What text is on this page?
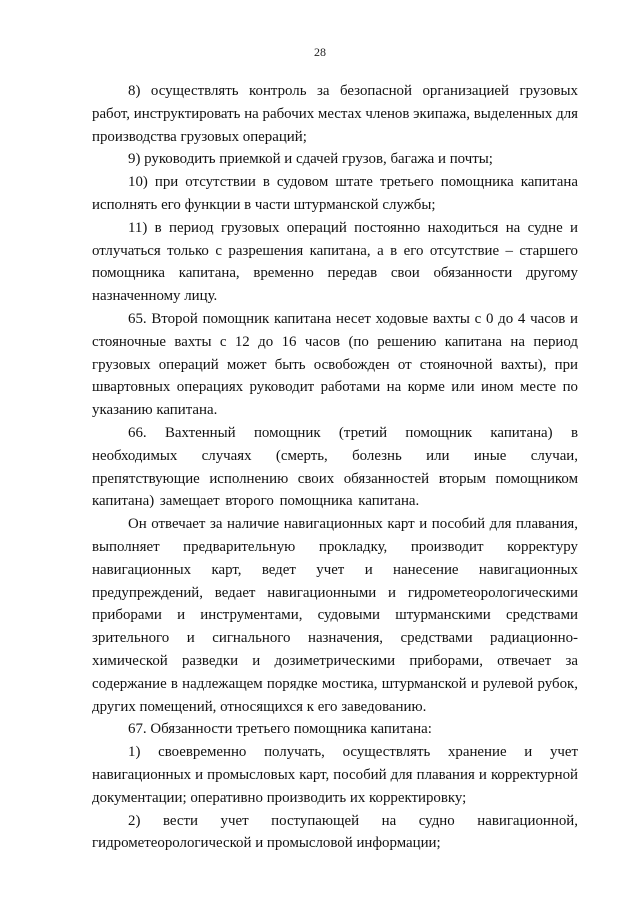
28

8) осуществлять контроль за безопасной организацией грузовых работ, инструктировать на рабочих местах членов экипажа, выделенных для производства грузовых операций;

9) руководить приемкой и сдачей грузов, багажа и почты;

10) при отсутствии в судовом штате третьего помощника капитана исполнять его функции в части штурманской службы;

11) в период грузовых операций постоянно находиться на судне и отлучаться только с разрешения капитана, а в его отсутствие – старшего помощника капитана, временно передав свои обязанности другому назначенному лицу.

65. Второй помощник капитана несет ходовые вахты с 0 до 4 часов и стояночные вахты с 12 до 16 часов (по решению капитана на период грузовых операций может быть освобожден от стояночной вахты), при швартовных операциях руководит работами на корме или ином месте по указанию капитана.

66. Вахтенный помощник (третий помощник капитана) в необходимых случаях (смерть, болезнь или иные случаи, препятствующие исполнению своих обязанностей вторым помощником капитана) замещает второго помощника капитана.

Он отвечает за наличие навигационных карт и пособий для плавания, выполняет предварительную прокладку, производит корректуру навигационных карт, ведет учет и нанесение навигационных предупреждений, ведает навигационными и гидрометеорологическими приборами и инструментами, судовыми штурманскими средствами зрительного и сигнального назначения, средствами радиационно-химической разведки и дозиметрическими приборами, отвечает за содержание в надлежащем порядке мостика, штурманской и рулевой рубок, других помещений, относящихся к его заведованию.

67. Обязанности третьего помощника капитана:

1) своевременно получать, осуществлять хранение и учет навигационных и промысловых карт, пособий для плавания и корректурной документации; оперативно производить их корректировку;

2) вести учет поступающей на судно навигационной, гидрометеорологической и промысловой информации;
